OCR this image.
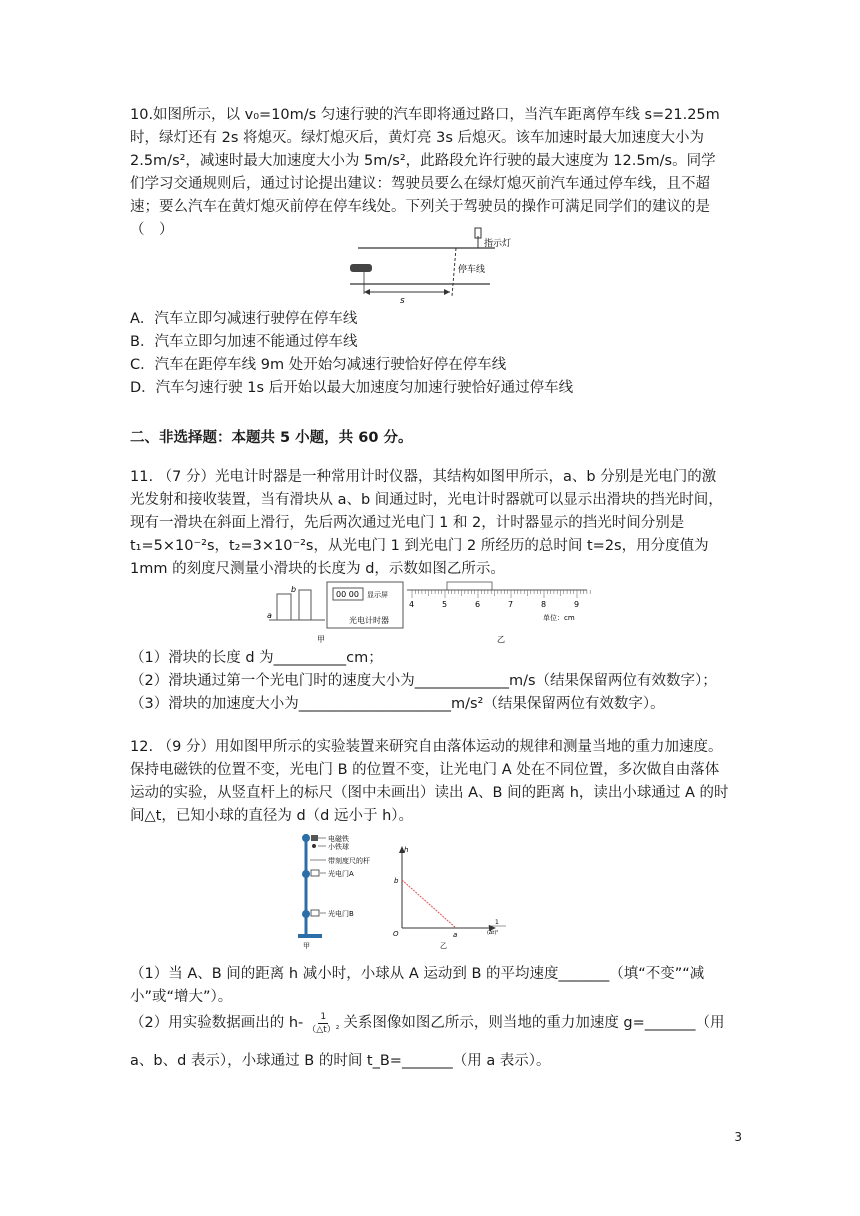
10.如图所示，以 v₀=10m/s 匀速行驶的汽车即将通过路口，当汽车距离停车线 s=21.25m 时，绿灯还有 2s 将熄灭。绿灯熄灭后，黄灯亮 3s 后熄灭。该车加速时最大加速度大小为 2.5m/s²，减速时最大加速度大小为 5m/s²，此路段允许行驶的最大速度为 12.5m/s。同学们学习交通规则后，通过讨论提出建议：驾驶员要么在绿灯熄灭前汽车通过停车线，且不超速；要么汽车在黄灯熄灭前停在停车线处。下列关于驾驶员的操作可满足同学们的建议的是（　）

指示灯
停车线
s

A．汽车立即匀减速行驶停在停车线

B．汽车立即匀加速不能通过停车线

C．汽车在距停车线 9m 处开始匀减速行驶恰好停在停车线

D．汽车匀速行驶 1s 后开始以最大加速度匀加速行驶恰好通过停车线

二、非选择题：本题共 5 小题，共 60 分。

11. （7 分）光电计时器是一种常用计时仪器，其结构如图甲所示，a、b 分别是光电门的激光发射和接收装置，当有滑块从 a、b 间通过时，光电计时器就可以显示出滑块的挡光时间，现有一滑块在斜面上滑行，先后两次通过光电门 1 和 2，计时器显示的挡光时间分别是 t₁=5×10⁻²s，t₂=3×10⁻²s，从光电门 1 到光电门 2 所经历的总时间 t=2s，用分度值为 1mm 的刻度尺测量小滑块的长度为 d，示数如图乙所示。

a
b
00 00 显示屏
光电计时器
甲
4	5	6	7	8	9
单位：cm
乙

（1）滑块的长度 d 为__________cm；

（2）滑块通过第一个光电门时的速度大小为_____________m/s（结果保留两位有效数字）；

（3）滑块的加速度大小为_____________________m/s²（结果保留两位有效数字）。

12. （9 分）用如图甲所示的实验装置来研究自由落体运动的规律和测量当地的重力加速度。保持电磁铁的位置不变，光电门 B 的位置不变，让光电门 A 处在不同位置，多次做自由落体运动的实验，从竖直杆上的标尺（图中未画出）读出 A、B 间的距离 h，读出小球通过 A 的时间△t，已知小球的直径为 d（d 远小于 h）。

电磁铁
小铁球
带刻度尺的杆
光电门A
光电门B
甲
h
b
O	a
1
(Δt)²
乙

（1）当 A、B 间的距离 h 减小时，小球从 A 运动到 B 的平均速度_______（填“不变”“减小”或“增大”）。

（2）用实验数据画出的 $h- \frac{1}{\text{（△t）²}}$ 关系图像如图乙所示，则当地的重力加速度 g=_______（用

a、b、d 表示），小球通过 B 的时间 t_B=_______（用 a 表示）。

3
